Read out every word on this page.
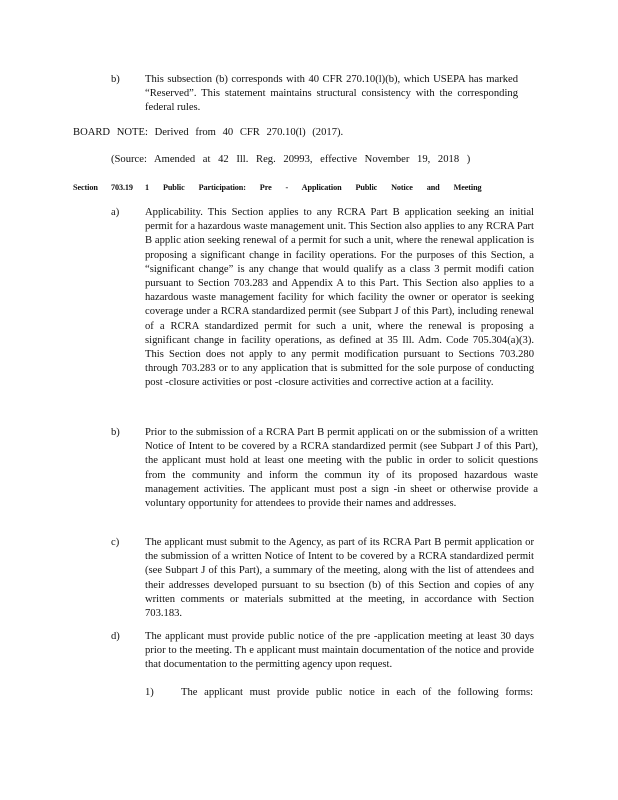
b) This subsection (b) corresponds with 40 CFR 270.10(l)(b), which USEPA has marked “Reserved”. This statement maintains structural consistency with the corresponding federal rules.

BOARD NOTE: Derived from 40 CFR 270.10(l) (2017).
(Source: Amended at 42 Ill. Reg. 20993, effective November 19, 2018 )
Section 703.19 1 Public Participation: Pre - Application Public Notice and Meeting
a) Applicability. This Section applies to any RCRA Part B application seeking an initial permit for a hazardous waste management unit. This Section also applies to any RCRA Part B applic ation seeking renewal of a permit for such a unit, where the renewal application is proposing a significant change in facility operations. For the purposes of this Section, a “significant change” is any change that would qualify as a class 3 permit modifi cation pursuant to Section 703.283 and Appendix A to this Part. This Section also applies to a hazardous waste management facility for which facility the owner or operator is seeking coverage under a RCRA standardized permit (see Subpart J of this Part), including renewal of a RCRA standardized permit for such a unit, where the renewal is proposing a significant change in facility operations, as defined at 35 Ill. Adm. Code 705.304(a)(3). This Section does not apply to any permit modification pursuant to Sections 703.280 through 703.283 or to any application that is submitted for the sole purpose of conducting post -closure activities or post -closure activities and corrective action at a facility.

b) Prior to the submission of a RCRA Part B permit applicati on or the submission of a written Notice of Intent to be covered by a RCRA standardized permit (see Subpart J of this Part), the applicant must hold at least one meeting with the public in order to solicit questions from the community and inform the commun ity of its proposed hazardous waste management activities. The applicant must post a sign -in sheet or otherwise provide a voluntary opportunity for attendees to provide their names and addresses.

c) The applicant must submit to the Agency, as part of its RCRA Part B permit application or the submission of a written Notice of Intent to be covered by a RCRA standardized permit (see Subpart J of this Part), a summary of the meeting, along with the list of attendees and their addresses developed pursuant to su bsection (b) of this Section and copies of any written comments or materials submitted at the meeting, in accordance with Section 703.183.

d) The applicant must provide public notice of the pre -application meeting at least 30 days prior to the meeting. Th e applicant must maintain documentation of the notice and provide that documentation to the permitting agency upon request.

1)	The applicant must provide public notice in each of the following forms:
